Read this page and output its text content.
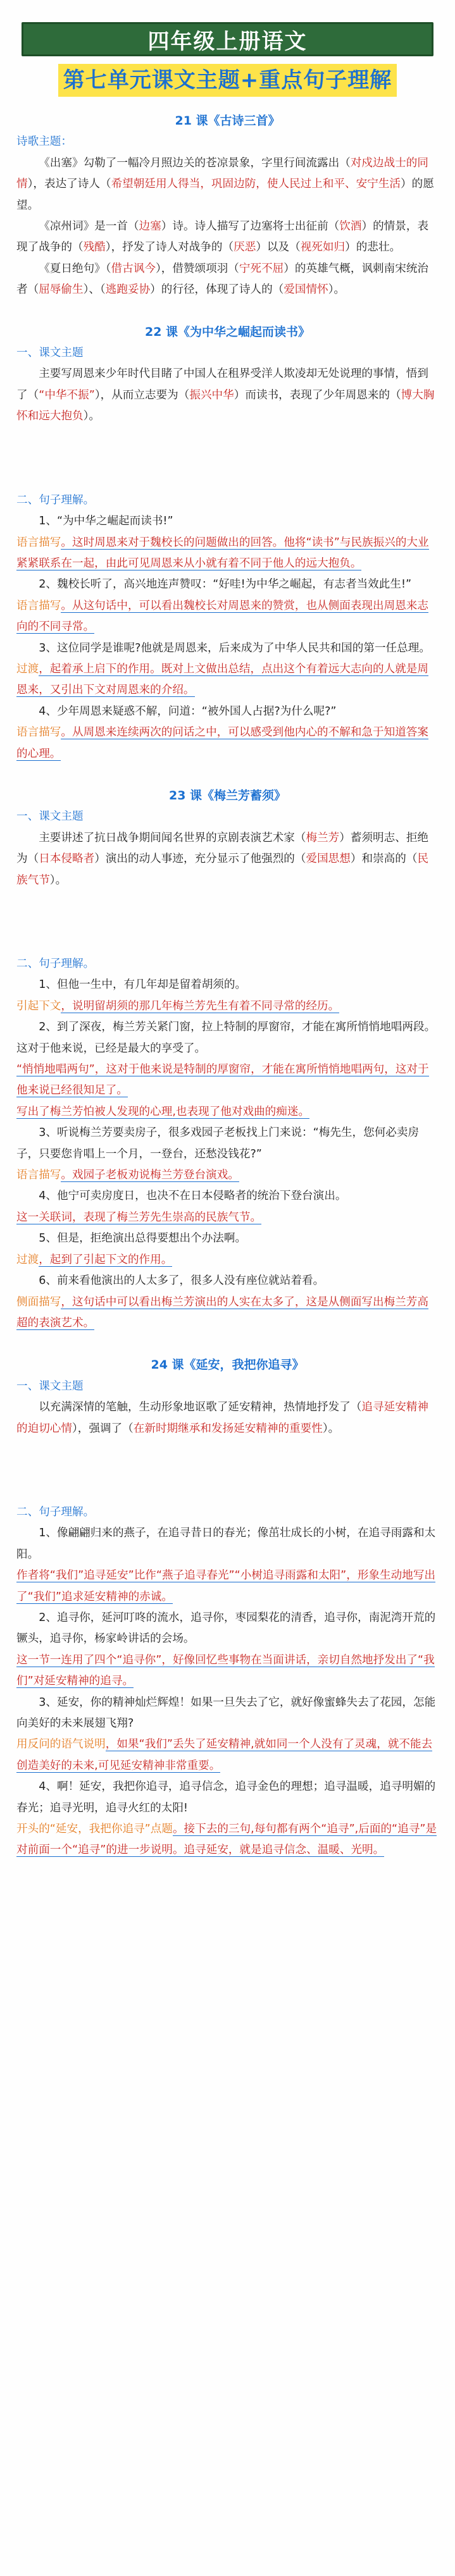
四年级上册语文
第七单元课文主题+重点句子理解

21 课《古诗三首》

诗歌主题：

《出塞》勾勒了一幅冷月照边关的苍凉景象，字里行间流露出（对戍边战士的同情），表达了诗人（希望朝廷用人得当，巩固边防，使人民过上和平、安宁生活）的愿望。

《凉州词》是一首（边塞）诗。诗人描写了边塞将士出征前（饮酒）的情景，表现了战争的（残酷），抒发了诗人对战争的（厌恶）以及（视死如归）的悲壮。

《夏日绝句》（借古讽今），借赞颂项羽（宁死不屈）的英雄气概，讽刺南宋统治者（屈辱偷生）、（逃跑妥协）的行径，体现了诗人的（爱国情怀）。

22 课《为中华之崛起而读书》

一、课文主题

主要写周恩来少年时代目睹了中国人在租界受洋人欺凌却无处说理的事情，悟到了（“中华不振”），从而立志要为（振兴中华）而读书，表现了少年周恩来的（博大胸怀和远大抱负）。

二、句子理解。

1、“为中华之崛起而读书!”

语言描写。这时周恩来对于魏校长的问题做出的回答。他将“读书”与民族振兴的大业紧紧联系在一起，由此可见周恩来从小就有着不同于他人的远大抱负。

2、魏校长听了，高兴地连声赞叹：“好哇!为中华之崛起，有志者当效此生!”

语言描写。从这句话中，可以看出魏校长对周恩来的赞赏，也从侧面表现出周恩来志向的不同寻常。

3、这位同学是谁呢?他就是周恩来，后来成为了中华人民共和国的第一任总理。

过渡，起着承上启下的作用。既对上文做出总结，点出这个有着远大志向的人就是周恩来，又引出下文对周恩来的介绍。

4、少年周恩来疑惑不解，问道：“被外国人占据?为什么呢?”

语言描写。从周恩来连续两次的问话之中，可以感受到他内心的不解和急于知道答案的心理。

23 课《梅兰芳蓄须》

一、课文主题

主要讲述了抗日战争期间闻名世界的京剧表演艺术家（梅兰芳）蓄须明志、拒绝为（日本侵略者）演出的动人事迹，充分显示了他强烈的（爱国思想）和崇高的（民族气节）。

二、句子理解。

1、但他一生中，有几年却是留着胡须的。

引起下文，说明留胡须的那几年梅兰芳先生有着不同寻常的经历。

2、到了深夜，梅兰芳关紧门窗，拉上特制的厚窗帘，才能在寓所悄悄地唱两段。这对于他来说，已经是最大的享受了。

“悄悄地唱两句”，这对于他来说是特制的厚窗帘，才能在寓所悄悄地唱两句，这对于他来说已经很知足了。

写出了梅兰芳怕被人发现的心理,也表现了他对戏曲的痴迷。

3、听说梅兰芳要卖房子，很多戏园子老板找上门来说：“梅先生，您何必卖房子，只要您肯唱上一个月，一登台，还愁没钱花?”

语言描写。戏园子老板劝说梅兰芳登台演戏。

4、他宁可卖房度日，也决不在日本侵略者的统治下登台演出。

这一关联词，表现了梅兰芳先生崇高的民族气节。

5、但是，拒绝演出总得要想出个办法啊。

过渡，起到了引起下文的作用。

6、前来看他演出的人太多了，很多人没有座位就站着看。

侧面描写，这句话中可以看出梅兰芳演出的人实在太多了，这是从侧面写出梅兰芳高超的表演艺术。

24 课《延安，我把你追寻》

一、课文主题

以充满深情的笔触，生动形象地讴歌了延安精神，热情地抒发了（追寻延安精神的迫切心情），强调了（在新时期继承和发扬延安精神的重要性）。

二、句子理解。

1、像翩翩归来的燕子，在追寻昔日的春光；像茁壮成长的小树，在追寻雨露和太阳。

作者将“我们”追寻延安”比作“燕子追寻春光”“小树追寻雨露和太阳”，形象生动地写出了“我们”追求延安精神的赤诚。

2、追寻你，延河叮咚的流水，追寻你，枣园梨花的清香，追寻你，南泥湾开荒的镢头，追寻你，杨家岭讲话的会场。

这一节一连用了四个“追寻你”，好像回忆些事物在当面讲话，亲切自然地抒发出了“我们”对延安精神的追寻。

3、延安，你的精神灿烂辉煌！如果一旦失去了它，就好像蜜蜂失去了花园，怎能向美好的未来展翅飞翔?

用反问的语气说明，如果“我们”丢失了延安精神,就如同一个人没有了灵魂，就不能去创造美好的未来,可见延安精神非常重要。

4、啊！延安，我把你追寻，追寻信念，追寻金色的理想；追寻温暖，追寻明媚的春光；追寻光明，追寻火红的太阳!

开头的“延安，我把你追寻”点题。接下去的三句,每句都有两个“追寻”,后面的“追寻”是对前面一个“追寻”的进一步说明。追寻延安，就是追寻信念、温暖、光明。
